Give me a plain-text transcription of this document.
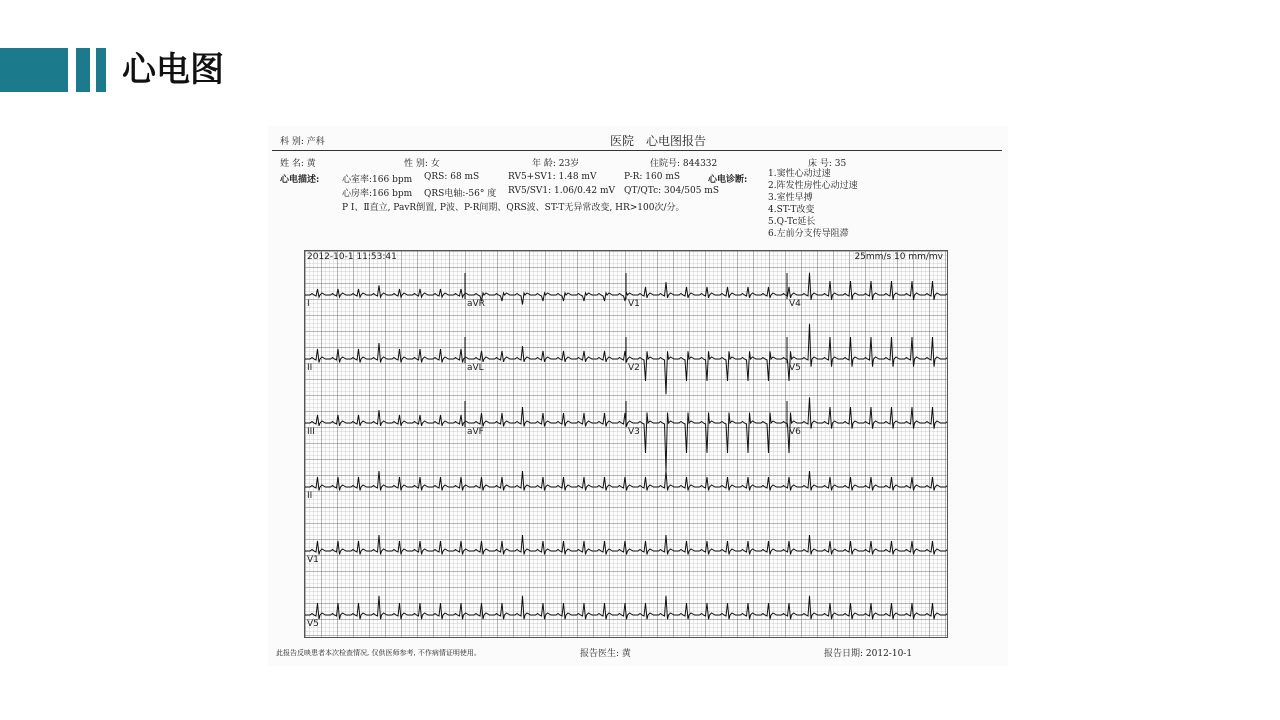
心电图
科 别: 产科	医院 心电图报告
姓 名: 黄	性 别: 女	年 龄: 23岁	住院号: 844332	床 号: 35
心电描述:	心室率:166 bpm QRS: 68 mS	RV5+SV1: 1.48 mV	P-R: 160 mS	心电诊断:
心房率:166 bpm QRS电轴:-56° 度 RV5/SV1: 1.06/0.42 mV QT/QTc: 304/505 mS
P Ⅰ、Ⅱ直立, PavR倒置, P波、P-R间期、QRS波、ST-T无异常改变, HR>100次/分。
1.窦性心动过速
2.阵发性房性心动过速
3.室性早搏
4.ST-T改变
5.Q-Tc延长
6.左前分支传导阻滞
2012-10-1 11:53:41	25mm/s 10 mm/mv
I	aVR	V1	V4
II	aVL	V2	V5
III	aVF	V3	V6
II
V1
V5
此报告反映患者本次检查情况, 仅供医师参考, 不作病情证明使用。	报告医生: 黄	报告日期: 2012-10-1
